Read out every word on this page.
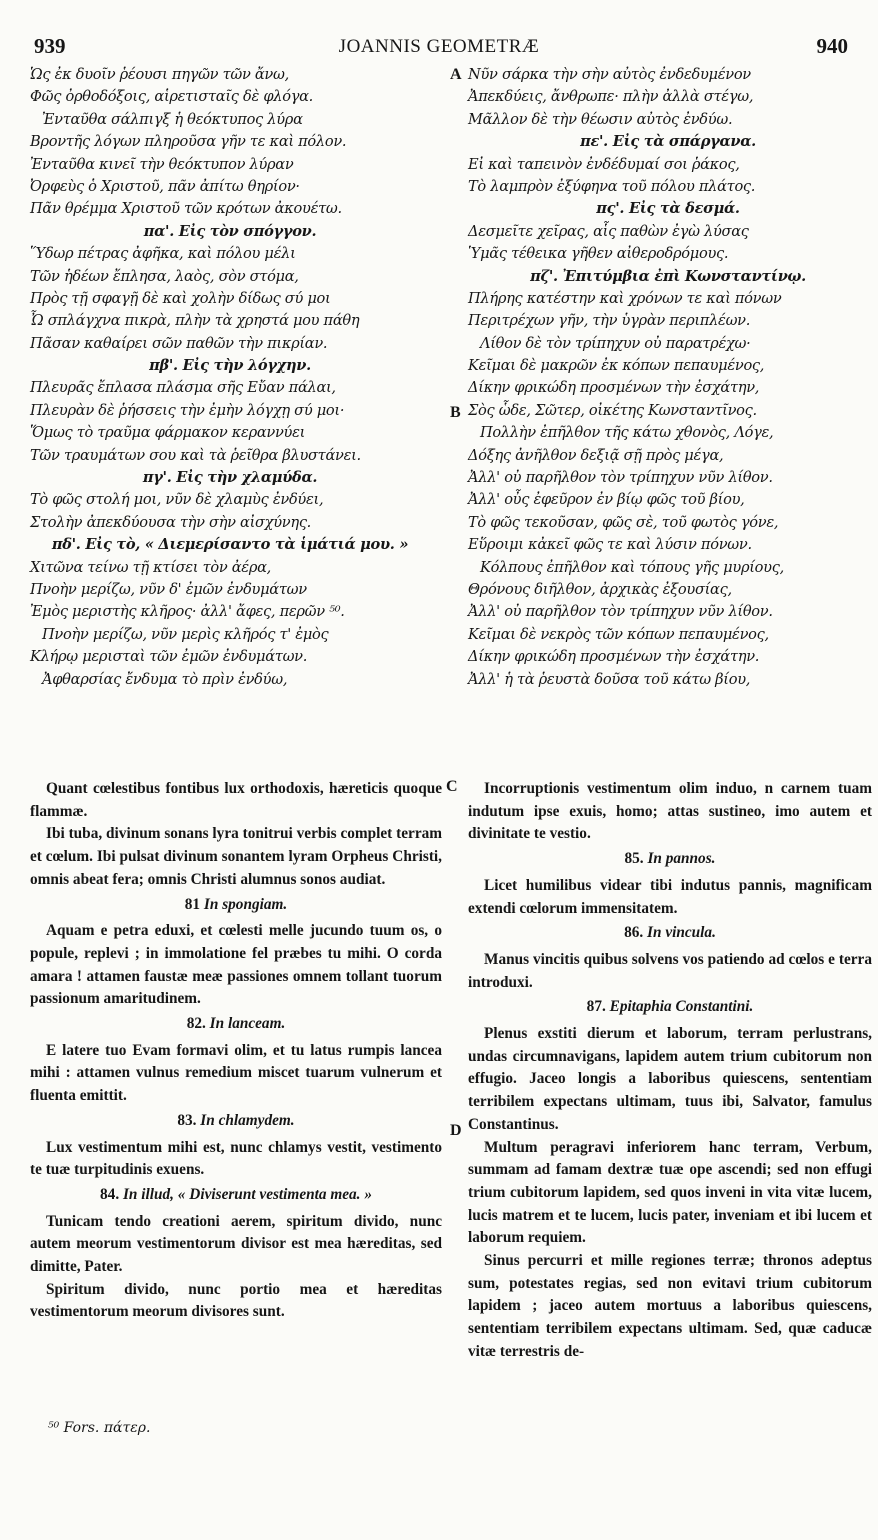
939	JOANNIS GEOMETRÆ	940
Ὡς ἐκ δυοῖν ῥέουσι πηγῶν τῶν ἄνω,
Φῶς ὀρθοδόξοις, αἱρετισταῖς δὲ φλόγα.
Ἐνταῦθα σάλπιγξ ἡ θεόκτυπος λύρα
Βροντῆς λόγων πληροῦσα γῆν τε καὶ πόλον.
Ἐνταῦθα κινεῖ τὴν θεόκτυπον λύραν
Ὀρφεὺς ὁ Χριστοῦ, πᾶν ἀπίτω θηρίον·
Πᾶν θρέμμα Χριστοῦ τῶν κρότων ἀκουέτω.
πα'. Εἰς τὸν σπόγγον.
Ὕδωρ πέτρας ἀφῆκα, καὶ πόλου μέλι
Τῶν ἡδέων ἔπλησα, λαὸς, σὸν στόμα,
Πρὸς τῇ σφαγῇ δὲ καὶ χολὴν δίδως σύ μοι
Ὦ σπλάγχνα πικρὰ, πλὴν τὰ χρηστά μου πάθη
Πᾶσαν καθαίρει σῶν παθῶν τὴν πικρίαν.
πβ'. Εἰς τὴν λόγχην.
Πλευρᾶς ἔπλασα πλάσμα σῆς Εὔαν πάλαι,
Πλευρὰν δὲ ῥήσσεις τὴν ἐμὴν λόγχῃ σύ μοι·
Ὅμως τὸ τραῦμα φάρμακον κεραννύει
Τῶν τραυμάτων σου καὶ τὰ ῥεῖθρα βλυστάνει.
πγ'. Εἰς τὴν χλαμύδα.
Τὸ φῶς στολή μοι, νῦν δὲ χλαμὺς ἐνδύει,
Στολὴν ἀπεκδύουσα τὴν σὴν αἰσχύνης.
πδ'. Εἰς τὸ, « Διεμερίσαντο τὰ ἱμάτιά μου. »
Χιτῶνα τείνω τῇ κτίσει τὸν ἀέρα,
Πνοὴν μερίζω, νῦν δ' ἐμῶν ἐνδυμάτων
Ἐμὸς μεριστὴς κλῆρος· ἀλλ' ἄφες, περῶν ⁵⁰.
Πνοὴν μερίζω, νῦν μερὶς κλῆρός τ' ἐμὸς
Κλήρῳ μερισταὶ τῶν ἐμῶν ἐνδυμάτων.
Ἀφθαρσίας ἔνδυμα τὸ πρὶν ἐνδύω,
Νῦν σάρκα τὴν σὴν αὐτὸς ἐνδεδυμένον
Ἀπεκδύεις, ἄνθρωπε· πλὴν ἀλλὰ στέγω,
Μᾶλλον δὲ τὴν θέωσιν αὐτὸς ἐνδύω.
πε'. Εἰς τὰ σπάργανα.
Εἰ καὶ ταπεινὸν ἐνδέδυμαί σοι ῥάκος,
Τὸ λαμπρὸν ἐξύφηνα τοῦ πόλου πλάτος.
πς'. Εἰς τὰ δεσμά.
Δεσμεῖτε χεῖρας, αἷς παθὼν ἐγὼ λύσας
Ὑμᾶς τέθεικα γῆθεν αἰθεροδρόμους.
πζ'. Ἐπιτύμβια ἐπὶ Κωνσταντίνῳ.
Πλήρης κατέστην καὶ χρόνων τε καὶ πόνων
Περιτρέχων γῆν, τὴν ὑγρὰν περιπλέων.
Λίθον δὲ τὸν τρίπηχυν οὐ παρατρέχω·
Κεῖμαι δὲ μακρῶν ἐκ κόπων πεπαυμένος,
Δίκην φρικώδη προσμένων τὴν ἐσχάτην,
Σὸς ὧδε, Σῶτερ, οἰκέτης Κωνσταντῖνος.
Πολλὴν ἐπῆλθον τῆς κάτω χθονὸς, Λόγε,
Δόξης ἀνῆλθον δεξιᾷ σῇ πρὸς μέγα,
Ἀλλ' οὐ παρῆλθον τὸν τρίπηχυν νῦν λίθον.
Ἀλλ' οὖς ἐφεῦρον ἐν βίῳ φῶς τοῦ βίου,
Τὸ φῶς τεκοῦσαν, φῶς σὲ, τοῦ φωτὸς γόνε,
Εὕροιμι κἀκεῖ φῶς τε καὶ λύσιν πόνων.
Κόλπους ἐπῆλθον καὶ τόπους γῆς μυρίους,
Θρόνους διῆλθον, ἀρχικὰς ἐξουσίας,
Ἀλλ' οὐ παρῆλθον τὸν τρίπηχυν νῦν λίθον.
Κεῖμαι δὲ νεκρὸς τῶν κόπων πεπαυμένος,
Δίκην φρικώδη προσμένων τὴν ἐσχάτην.
Ἀλλ' ἡ τὰ ῥευστὰ δοῦσα τοῦ κάτω βίου,
A
B
C
D

Quant cœlestibus fontibus lux orthodoxis, hæreticis quoque flammæ.

Ibi tuba, divinum sonans lyra tonitrui verbis complet terram et cœlum. Ibi pulsat divinum sonantem lyram Orpheus Christi, omnis abeat fera; omnis Christi alumnus sonos audiat.

81 In spongiam.

Aquam e petra eduxi, et cœlesti melle jucundo tuum os, o popule, replevi ; in immolatione fel præbes tu mihi. O corda amara ! attamen faustæ meæ passiones omnem tollant tuorum passionum amaritudinem.

82. In lanceam.

E latere tuo Evam formavi olim, et tu latus rumpis lancea mihi : attamen vulnus remedium miscet tuarum vulnerum et fluenta emittit.

83. In chlamydem.

Lux vestimentum mihi est, nunc chlamys vestit, vestimento te tuæ turpitudinis exuens.

84. In illud, « Diviserunt vestimenta mea. »

Tunicam tendo creationi aerem, spiritum divido, nunc autem meorum vestimentorum divisor est mea hæreditas, sed dimitte, Pater.

Spiritum divido, nunc portio mea et hæreditas vestimentorum meorum divisores sunt.

Incorruptionis vestimentum olim induo, n carnem tuam indutum ipse exuis, homo; attas sustineo, imo autem et divinitate te vestio.

85. In pannos.

Licet humilibus videar tibi indutus pannis, magnificam extendi cœlorum immensitatem.

86. In vincula.

Manus vincitis quibus solvens vos patiendo ad cœlos e terra introduxi.

87. Epitaphia Constantini.

Plenus exstiti dierum et laborum, terram perlustrans, undas circumnavigans, lapidem autem trium cubitorum non effugio. Jaceo longis a laboribus quiescens, sententiam terribilem expectans ultimam, tuus ibi, Salvator, famulus Constantinus.

Multum peragravi inferiorem hanc terram, Verbum, summam ad famam dextræ tuæ ope ascendi; sed non effugi trium cubitorum lapidem, sed quos inveni in vita vitæ lucem, lucis matrem et te lucem, lucis pater, inveniam et ibi lucem et laborum requiem.

Sinus percurri et mille regiones terræ; thronos adeptus sum, potestates regias, sed non evitavi trium cubitorum lapidem ; jaceo autem mortuus a laboribus quiescens, sententiam terribilem expectans ultimam. Sed, quæ caducæ vitæ terrestris de-

⁵⁰ Fors. πάτερ.
